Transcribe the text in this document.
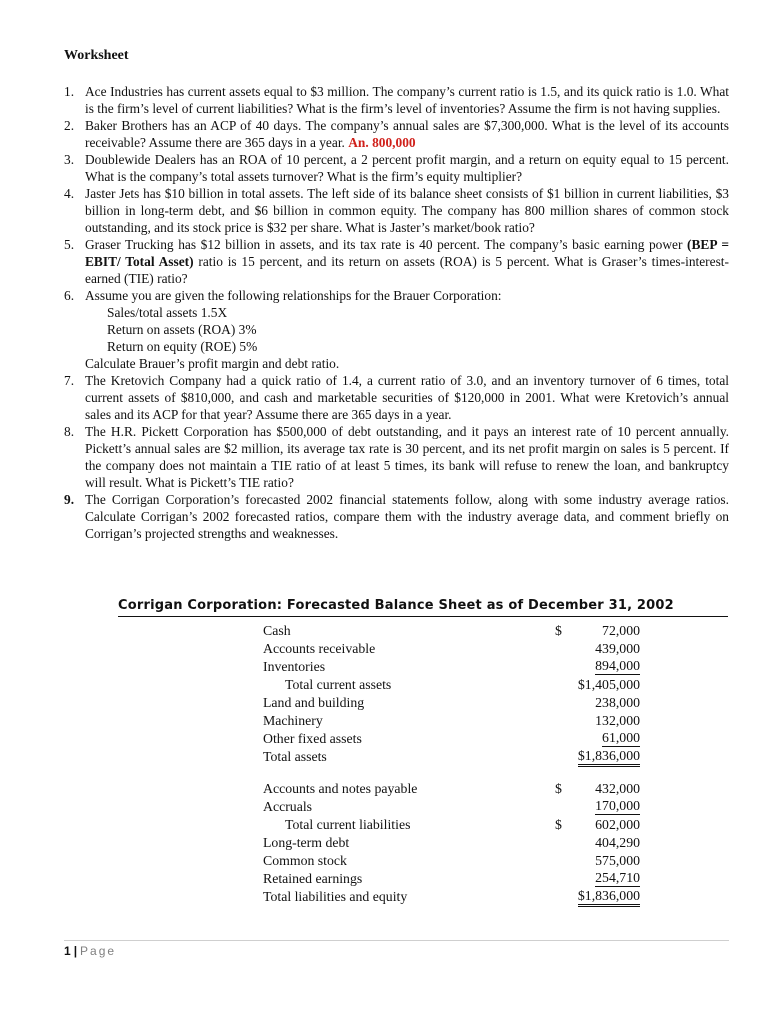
Worksheet
1. Ace Industries has current assets equal to $3 million. The company’s current ratio is 1.5, and its quick ratio is 1.0. What is the firm’s level of current liabilities? What is the firm’s level of inventories? Assume the firm is not having supplies.
2. Baker Brothers has an ACP of 40 days. The company’s annual sales are $7,300,000. What is the level of its accounts receivable? Assume there are 365 days in a year. An. 800,000
3. Doublewide Dealers has an ROA of 10 percent, a 2 percent profit margin, and a return on equity equal to 15 percent. What is the company’s total assets turnover? What is the firm’s equity multiplier?
4. Jaster Jets has $10 billion in total assets. The left side of its balance sheet consists of $1 billion in current liabilities, $3 billion in long-term debt, and $6 billion in common equity. The company has 800 million shares of common stock outstanding, and its stock price is $32 per share. What is Jaster’s market/book ratio?
5. Graser Trucking has $12 billion in assets, and its tax rate is 40 percent. The company’s basic earning power (BEP = EBIT/ Total Asset) ratio is 15 percent, and its return on assets (ROA) is 5 percent. What is Graser’s times-interest-earned (TIE) ratio?
6. Assume you are given the following relationships for the Brauer Corporation:
Sales/total assets 1.5X
Return on assets (ROA) 3%
Return on equity (ROE) 5%
Calculate Brauer’s profit margin and debt ratio.
7. The Kretovich Company had a quick ratio of 1.4, a current ratio of 3.0, and an inventory turnover of 6 times, total current assets of $810,000, and cash and marketable securities of $120,000 in 2001. What were Kretovich’s annual sales and its ACP for that year? Assume there are 365 days in a year.
8. The H.R. Pickett Corporation has $500,000 of debt outstanding, and it pays an interest rate of 10 percent annually. Pickett’s annual sales are $2 million, its average tax rate is 30 percent, and its net profit margin on sales is 5 percent. If the company does not maintain a TIE ratio of at least 5 times, its bank will refuse to renew the loan, and bankruptcy will result. What is Pickett’s TIE ratio?
9. The Corrigan Corporation’s forecasted 2002 financial statements follow, along with some industry average ratios. Calculate Corrigan’s 2002 forecasted ratios, compare them with the industry average data, and comment briefly on Corrigan’s projected strengths and weaknesses.
Corrigan Corporation: Forecasted Balance Sheet as of December 31, 2002
Cash	$	72,000
Accounts receivable	439,000
Inventories	894,000
Total current assets	$1,405,000
Land and building	238,000
Machinery	132,000
Other fixed assets	61,000
Total assets	$1,836,000
Accounts and notes payable	$ 432,000
Accruals	170,000
Total current liabilities	$ 602,000
Long-term debt	404,290
Common stock	575,000
Retained earnings	254,710
Total liabilities and equity	$1,836,000
1 | Page
